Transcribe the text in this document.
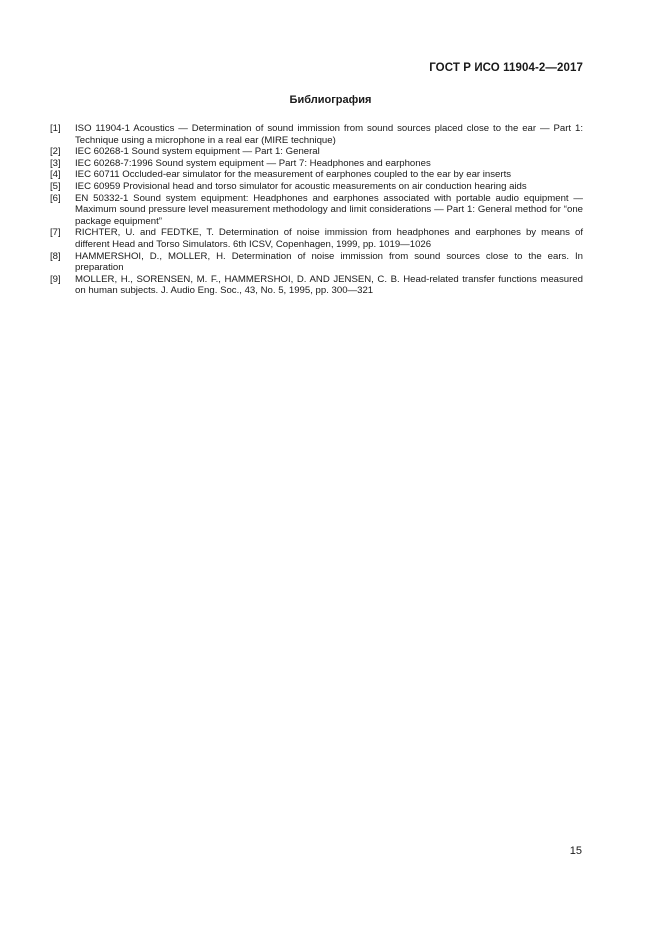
ГОСТ Р ИСО 11904-2—2017
Библиография
[1]	ISO 11904-1 Acoustics — Determination of sound immission from sound sources placed close to the ear — Part 1: Technique using a microphone in a real ear (MIRE technique)
[2]	IEC 60268-1 Sound system equipment — Part 1: General
[3]	IEC 60268-7:1996 Sound system equipment — Part 7: Headphones and earphones
[4]	IEC 60711 Occluded-ear simulator for the measurement of earphones coupled to the ear by ear inserts
[5]	IEC 60959 Provisional head and torso simulator for acoustic measurements on air conduction hearing aids
[6]	EN 50332-1 Sound system equipment: Headphones and earphones associated with portable audio equipment — Maximum sound pressure level measurement methodology and limit considerations — Part 1: General method for “one package equipment”
[7]	RICHTER, U. and FEDTKE, T. Determination of noise immission from headphones and earphones by means of different Head and Torso Simulators. 6th ICSV, Copenhagen, 1999, pp. 1019—1026
[8]	HAMMERSHOI, D., MOLLER, H. Determination of noise immission from sound sources close to the ears. In preparation
[9]	MOLLER, H., SORENSEN, M. F., HAMMERSHOI, D. AND JENSEN, C. B. Head-related transfer functions measured on human subjects. J. Audio Eng. Soc., 43, No. 5, 1995, pp. 300—321
15
